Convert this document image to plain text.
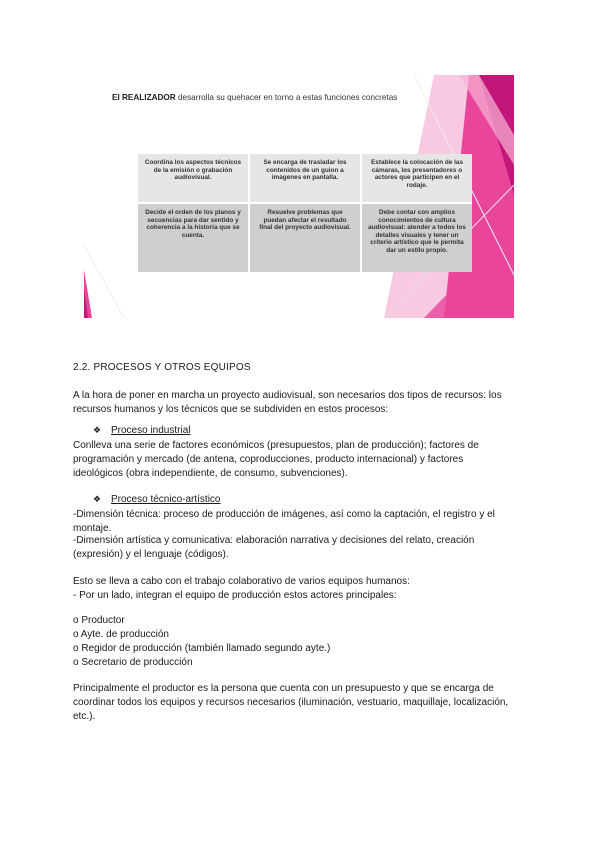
El REALIZADOR desarrolla su quehacer en torno a estas funciones concretas
Coordina los aspectos técnicos de la emisión o grabación audiovisual.
Se encarga de trasladar los contenidos de un guion a imágenes en pantalla.
Establece la colocación de las cámaras, los presentadores o actores que participen en el rodaje.
Decide el orden de los planos y secuencias para dar sentido y coherencia a la historia que se cuenta.
Resuelve problemas que puedan afectar el resultado final del proyecto audiovisual.
Debe contar con amplios conocimientos de cultura audiovisual: atender a todos los detalles visuales y tener un criterio artístico que le permita dar un estilo propio.
2.2. PROCESOS Y OTROS EQUIPOS

A la hora de poner en marcha un proyecto audiovisual, son necesarios dos tipos de recursos: los recursos humanos y los técnicos que se subdividen en estos procesos:

❖ Proceso industrial

Conlleva una serie de factores económicos (presupuestos, plan de producción); factores de programación y mercado (de antena, coproducciones, producto internacional) y factores ideológicos (obra independiente, de consumo, subvenciones).

❖ Proceso técnico-artístico

-Dimensión técnica: proceso de producción de imágenes, así como la captación, el registro y el montaje.

-Dimensión artística y comunicativa: elaboración narrativa y decisiones del relato, creación (expresión) y el lenguaje (códigos).

Esto se lleva a cabo con el trabajo colaborativo de varios equipos humanos:

- Por un lado, integran el equipo de producción estos actores principales:

o Productor

o Ayte. de producción

o Regidor de producción (también llamado segundo ayte.)

o Secretario de producción

Principalmente el productor es la persona que cuenta con un presupuesto y que se encarga de coordinar todos los equipos y recursos necesarios (iluminación, vestuario, maquillaje, localización, etc.).
